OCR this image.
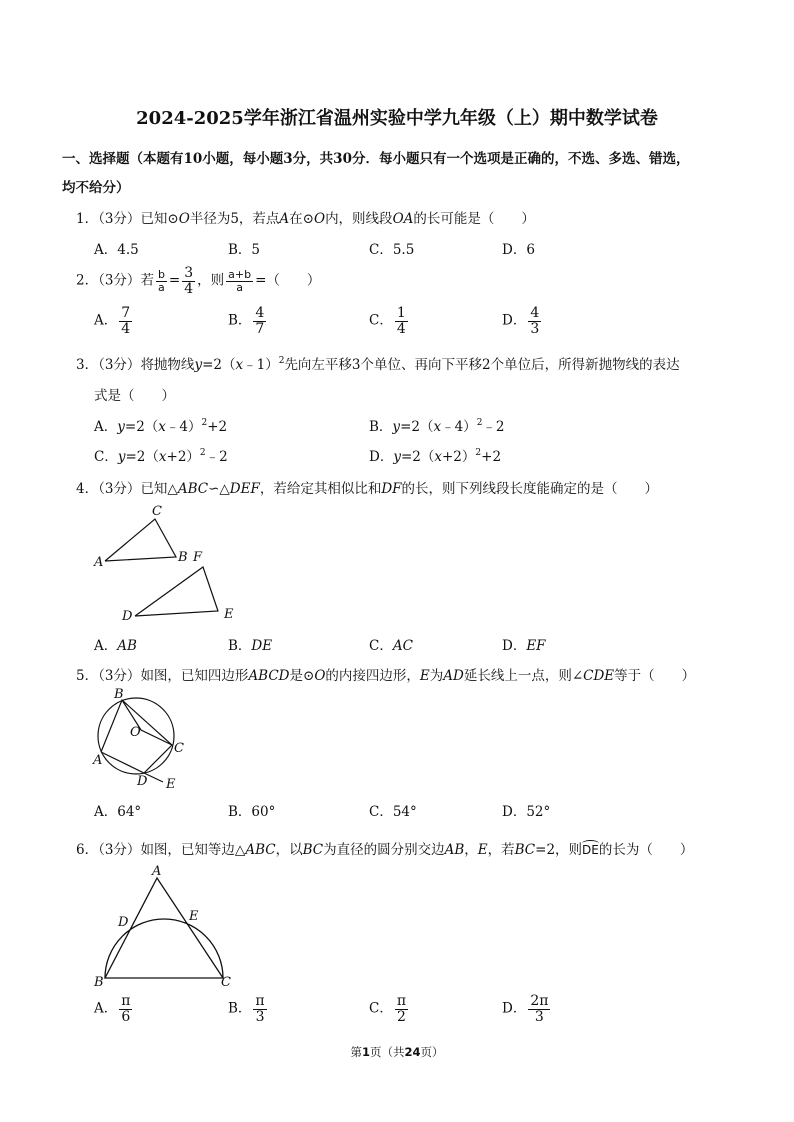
2024-2025学年浙江省温州实验中学九年级（上）期中数学试卷
一、选择题（本题有10小题，每小题3分，共30分．每小题只有一个选项是正确的，不选、多选、错选，
均不给分）
1．（3分）已知⊙O半径为5，若点A在⊙O内，则线段OA的长可能是（　　）
A．4.5	B．5	C．5.5	D．6
2．（3分）若 $\frac{b}{a} = \frac{3}{4}$ ，则 $\frac{a+b}{a}$ =（　　）
A． $\frac{7}{4}$	B． $\frac{4}{7}$	C． $\frac{1}{4}$	D． $\frac{4}{3}$
3．（3分）将抛物线y=2（x﹣1）$^2$先向左平移3个单位、再向下平移2个单位后，所得新抛物线的表达
式是（　　）
A．y=2（x﹣4）$^2$+2	B．y=2（x﹣4）$^2$﹣2
C．$y=2(x+2)^2﹣2$	D．$y=2(x+2)^2+2$
4．（3分）已知△ABC∽△DEF，若给定其相似比和DF的长，则下列线段长度能确定的是（　　）
A
C
B F
D	E
A．AB	B．DE	C．AC	D．EF
5．（3分）如图，已知四边形ABCD是⊙O的内接四边形，E为AD延长线上一点，则∠CDE等于（　　）
B
O
C
A
D E
A．64°	B．60°	C．54°	D．52°
6．（3分）如图，已知等边△ABC，以BC为直径的圆分别交边AB，E，若BC=2，则DE的长为（　　）
A
D	E
B	C
A． $\frac{\pi}{6}$	B． $\frac{\pi}{3}$	C． $\frac{\pi}{2}$	D． $\frac{2\pi}{3}$
第1页（共24页）
